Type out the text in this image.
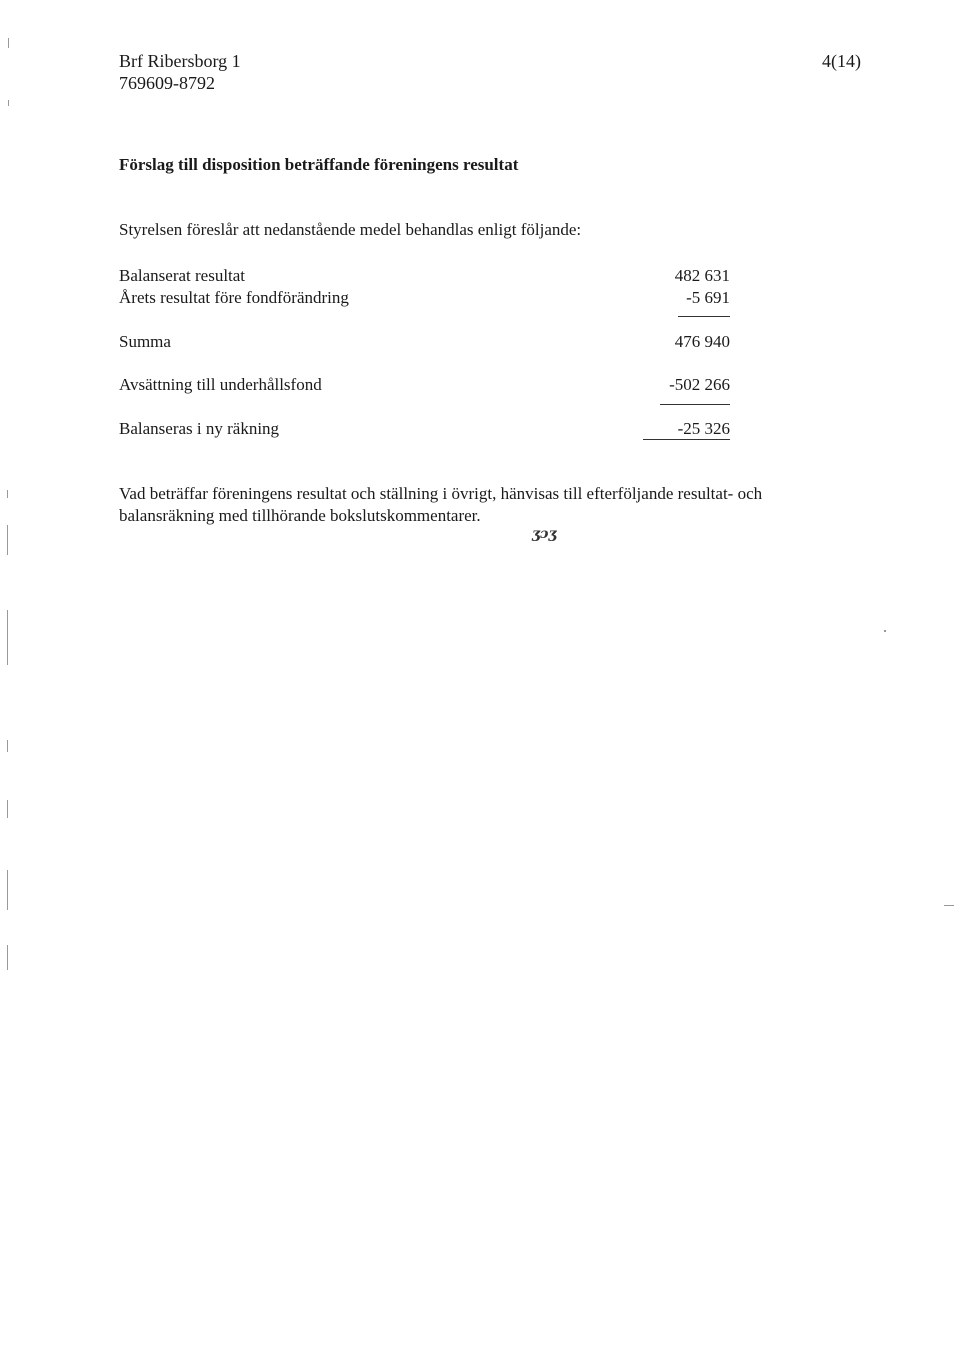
Brf Ribersborg 1
769609-8792
4(14)
Förslag till disposition beträffande föreningens resultat
Styrelsen föreslår att nedanstående medel behandlas enligt följande:
Balanserat resultat	482 631
Årets resultat före fondförändring	-5 691
Summa	476 940
Avsättning till underhållsfond	-502 266
Balanseras i ny räkning	-25 326
Vad beträffar föreningens resultat och ställning i övrigt, hänvisas till efterföljande resultat- och
balansräkning med tillhörande bokslutskommentarer.
ʒɔʒ
